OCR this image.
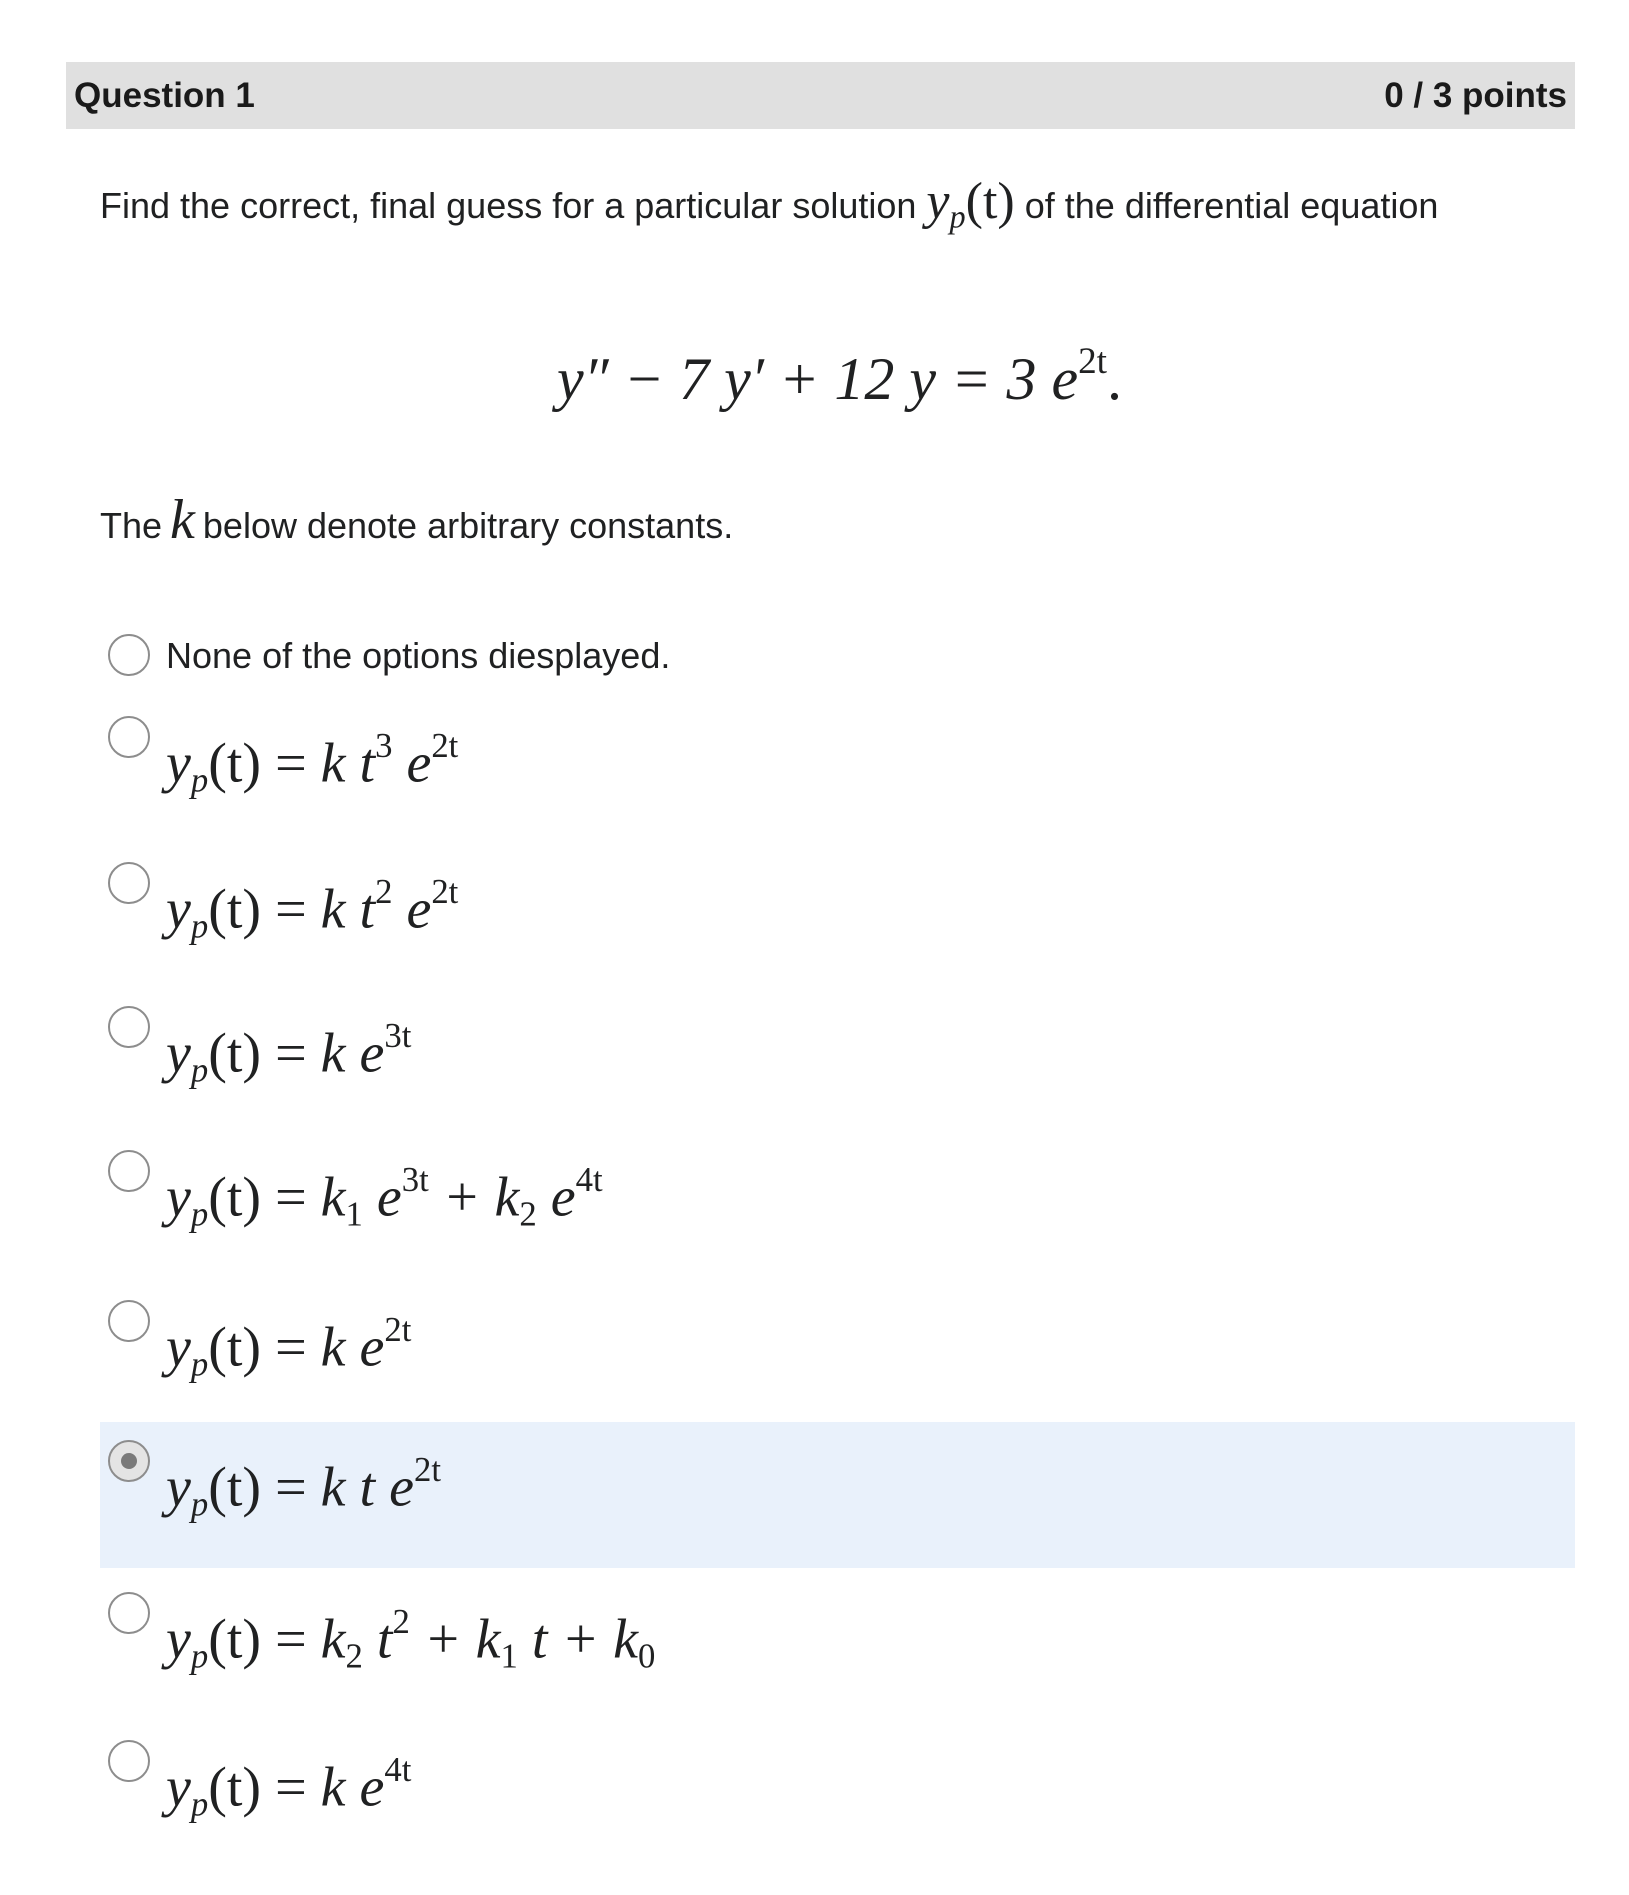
Question 1	0 / 3 points
Find the correct, final guess for a particular solution $y_p(t)$ of the differential equation
y″ − 7 y′ + 12 y = 3 $e^{2t}$.
The k below denote arbitrary constants.
None of the options diesplayed.
$y_p(t) = k$ $t^3$ $e^{2t}$
$y_p(t) = k$ $t^2$ $e^{2t}$
$y_p(t) = k$ $e^{3t}$
$y_p(t) = k_1$ $e^{3t} + k_2$ $e^{4t}$
$y_p(t) = k$ $e^{2t}$
$y_p(t) = k$ t $e^{2t}$
$y_p(t) = k_2$ $t^2 + k_1$ $t + k_0$
$y_p(t) = k$ $e^{4t}$
